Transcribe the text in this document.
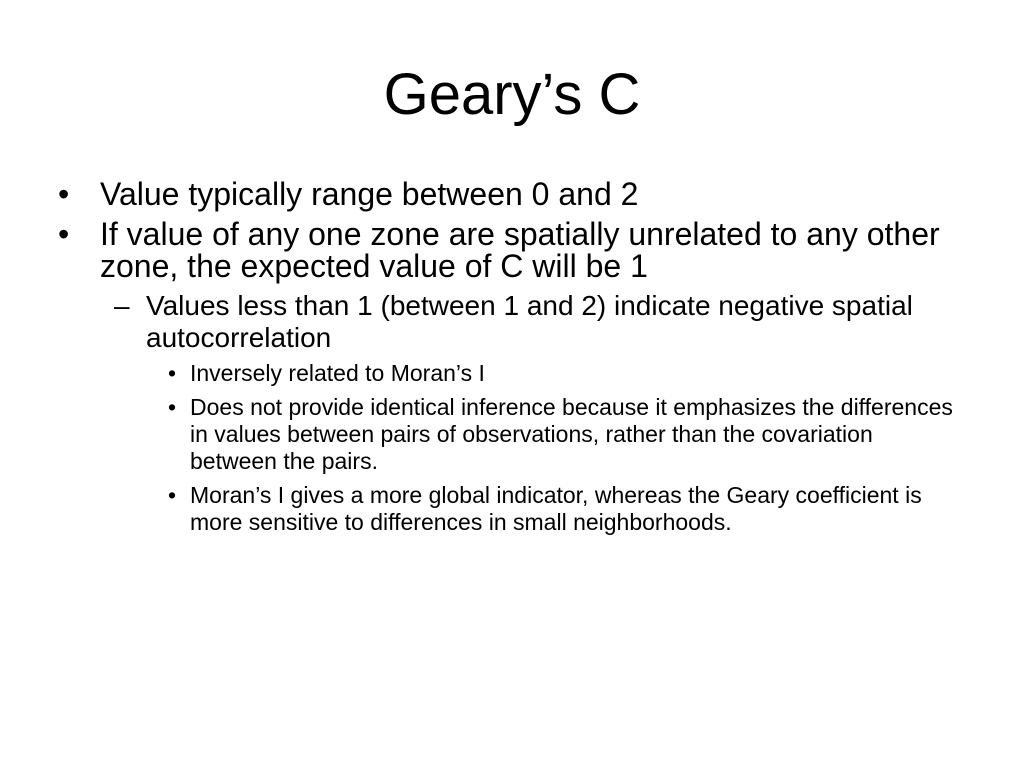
Geary’s C
• Value typically range between 0 and 2
• If value of any one zone are spatially unrelated to any other zone, the expected value of C will be 1
– Values less than 1 (between 1 and 2) indicate negative spatial autocorrelation
• Inversely related to Moran’s I
• Does not provide identical inference because it emphasizes the differences in values between pairs of observations, rather than the covariation between the pairs.
• Moran’s I gives a more global indicator, whereas the Geary coefficient is more sensitive to differences in small neighborhoods.
